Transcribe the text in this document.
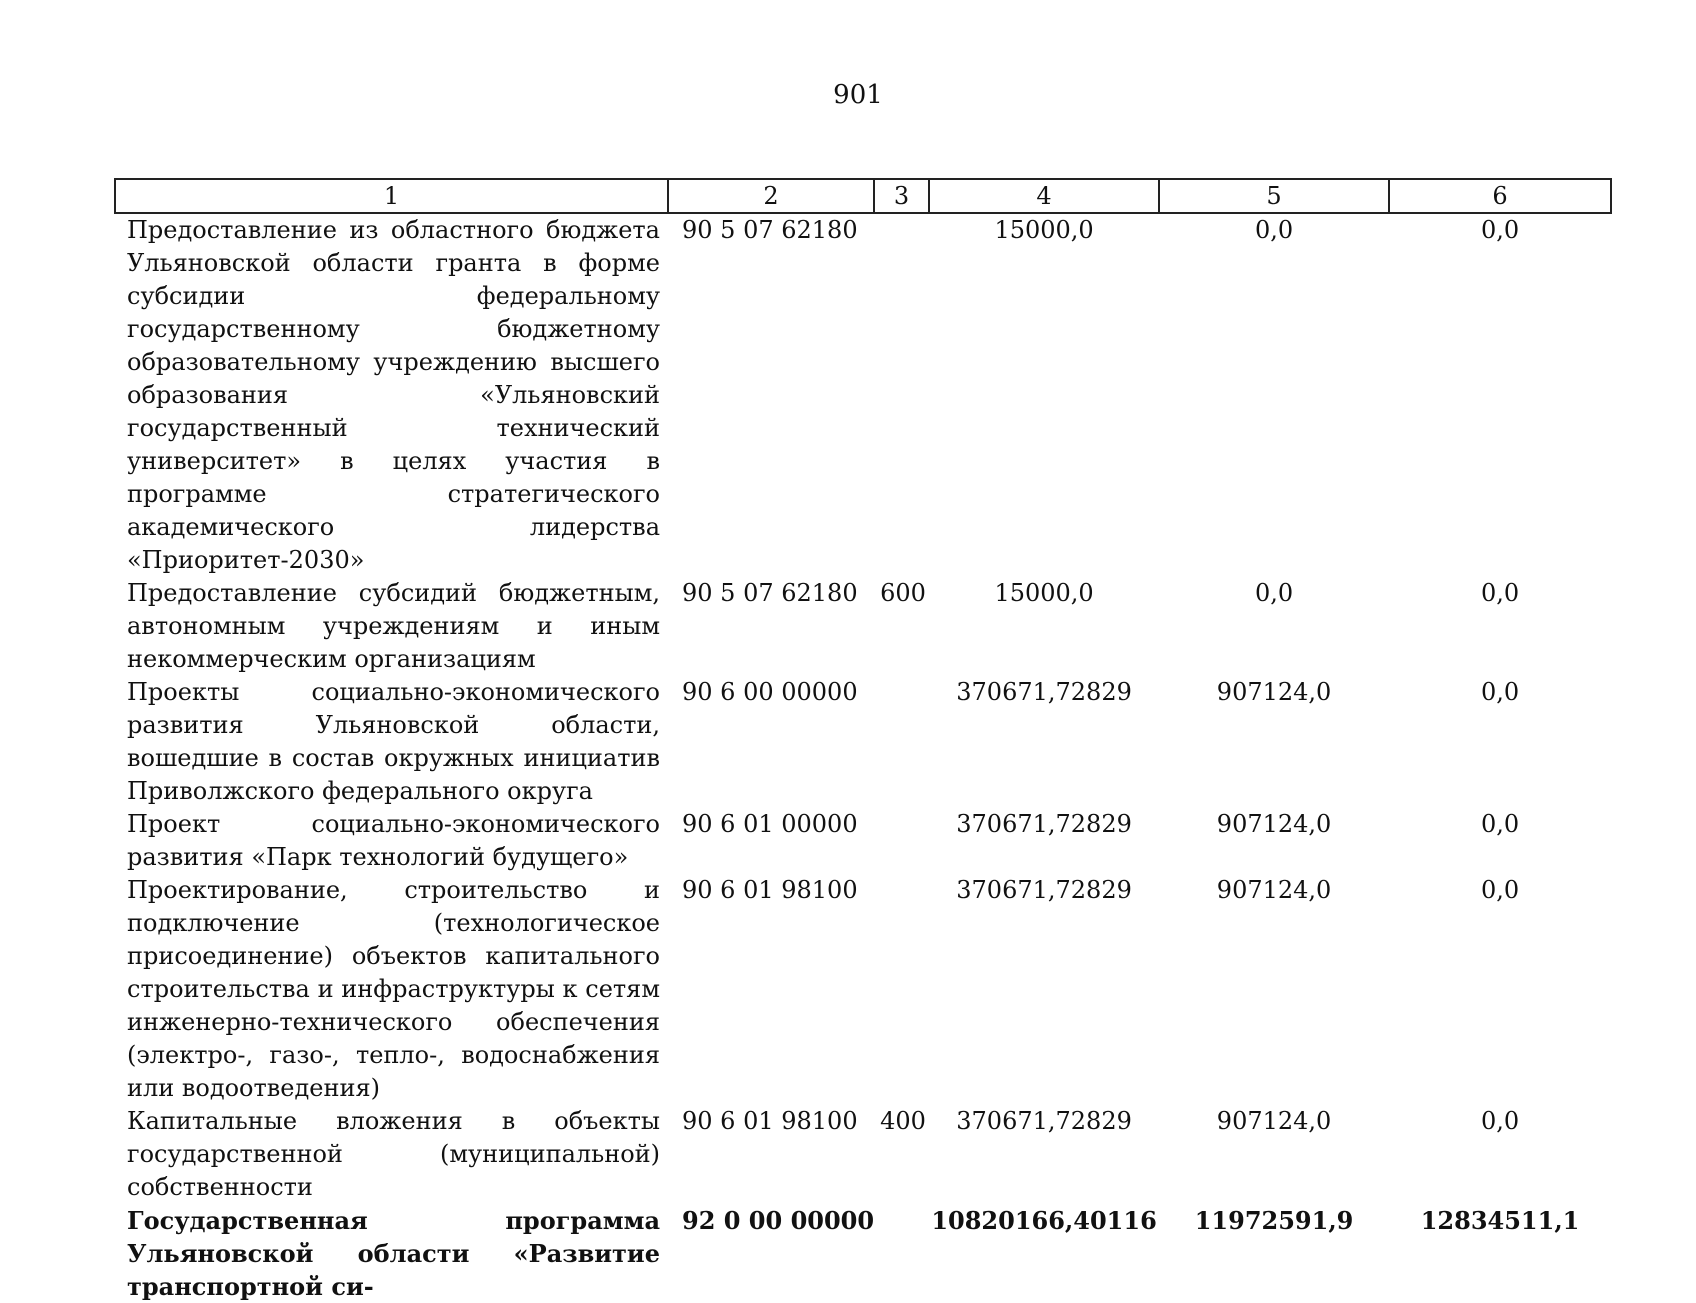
901
1	2	3	4	5	6
Предоставление из областного бюджета Ульяновской области гранта в форме субсидии федеральному государственному бюджетному образовательному учреждению высшего образования «Ульяновский государственный технический университет» в целях участия в программе стратегического академического лидерства «Приоритет-2030»	90 5 07 62180		15000,0	0,0	0,0
Предоставление субсидий бюджетным, автономным учреждениям и иным некоммерческим организациям	90 5 07 62180	600	15000,0	0,0	0,0
Проекты социально-экономического развития Ульяновской области, вошедшие в состав окружных инициатив Приволжского федерального округа	90 6 00 00000		370671,72829	907124,0	0,0
Проект социально-экономического развития «Парк технологий будущего»	90 6 01 00000		370671,72829	907124,0	0,0
Проектирование, строительство и подключение (технологическое присоединение) объектов капитального строительства и инфраструктуры к сетям инженерно-технического обеспечения (электро-, газо-, тепло-, водоснабжения или водоотведения)	90 6 01 98100		370671,72829	907124,0	0,0
Капитальные вложения в объекты государственной (муниципальной) собственности	90 6 01 98100	400	370671,72829	907124,0	0,0
Государственная программа Ульяновской области «Развитие транспортной си-	92 0 00 00000		10820166,40116	11972591,9	12834511,1
